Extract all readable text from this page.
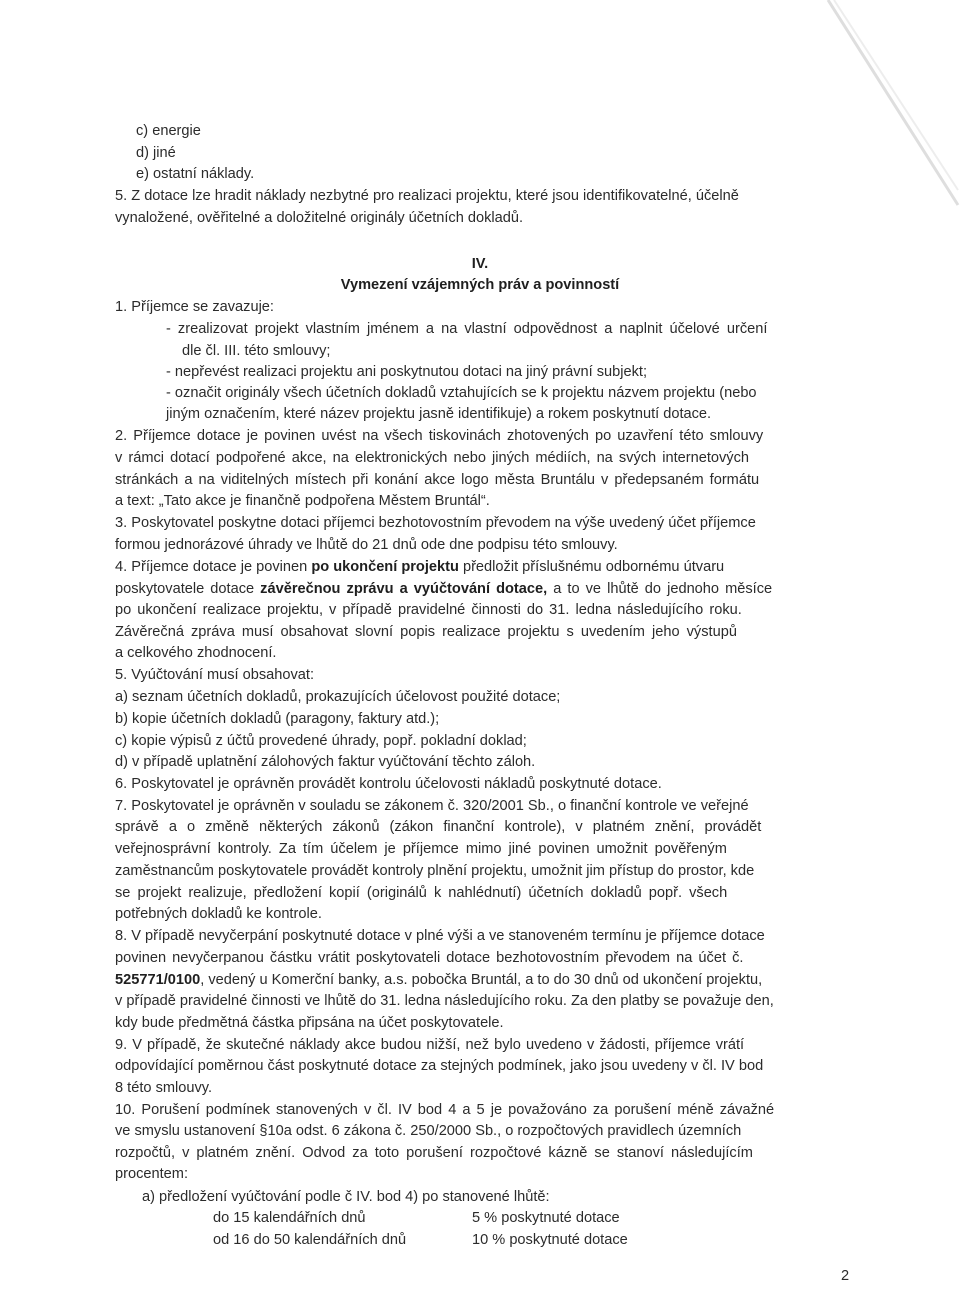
c) energie
d) jiné
e) ostatní náklady.
5. Z dotace lze hradit náklady nezbytné pro realizaci projektu, které jsou identifikovatelné, účelně
vynaložené, ověřitelné a doložitelné originály účetních dokladů.
IV.
Vymezení vzájemných práv a povinností
1. Příjemce se zavazuje:
- zrealizovat projekt vlastním jménem a na vlastní odpovědnost a naplnit účelové určení
dle čl. III. této smlouvy;
- nepřevést realizaci projektu ani poskytnutou dotaci na jiný právní subjekt;
- označit originály všech účetních dokladů vztahujících se k projektu názvem projektu (nebo
jiným označením, které název projektu jasně identifikuje) a rokem poskytnutí dotace.
2. Příjemce dotace je povinen uvést na všech tiskovinách zhotovených po uzavření této smlouvy
v rámci dotací podpořené akce, na elektronických nebo jiných médiích, na svých internetových
stránkách a na viditelných místech při konání akce logo města Bruntálu v předepsaném formátu
a text: „Tato akce je finančně podpořena Městem Bruntál“.
3. Poskytovatel poskytne dotaci příjemci bezhotovostním převodem na výše uvedený účet příjemce
formou jednorázové úhrady ve lhůtě do 21 dnů ode dne podpisu této smlouvy.
4. Příjemce dotace je povinen po ukončení projektu předložit příslušnému odbornému útvaru
poskytovatele dotace závěrečnou zprávu a vyúčtování dotace, a to ve lhůtě do jednoho měsíce
po ukončení realizace projektu, v případě pravidelné činnosti do 31. ledna následujícího roku.
Závěrečná zpráva musí obsahovat slovní popis realizace projektu s uvedením jeho výstupů
a celkového zhodnocení.
5. Vyúčtování musí obsahovat:
a) seznam účetních dokladů, prokazujících účelovost použité dotace;
b) kopie účetních dokladů (paragony, faktury atd.);
c) kopie výpisů z účtů provedené úhrady, popř. pokladní doklad;
d) v případě uplatnění zálohových faktur vyúčtování těchto záloh.
6. Poskytovatel je oprávněn provádět kontrolu účelovosti nákladů poskytnuté dotace.
7. Poskytovatel je oprávněn v souladu se zákonem č. 320/2001 Sb., o finanční kontrole ve veřejné
správě a o změně některých zákonů (zákon finanční kontrole), v platném znění, provádět
veřejnosprávní kontroly. Za tím účelem je příjemce mimo jiné povinen umožnit pověřeným
zaměstnancům poskytovatele provádět kontroly plnění projektu, umožnit jim přístup do prostor, kde
se projekt realizuje, předložení kopií (originálů k nahlédnutí) účetních dokladů popř. všech
potřebných dokladů ke kontrole.
8. V případě nevyčerpání poskytnuté dotace v plné výši a ve stanoveném termínu je příjemce dotace
povinen nevyčerpanou částku vrátit poskytovateli dotace bezhotovostním převodem na účet č.
525771/0100, vedený u Komerční banky, a.s. pobočka Bruntál, a to do 30 dnů od ukončení projektu,
v případě pravidelné činnosti ve lhůtě do 31. ledna následujícího roku. Za den platby se považuje den,
kdy bude předmětná částka připsána na účet poskytovatele.
9. V případě, že skutečné náklady akce budou nižší, než bylo uvedeno v žádosti, příjemce vrátí
odpovídající poměrnou část poskytnuté dotace za stejných podmínek, jako jsou uvedeny v čl. IV bod
8 této smlouvy.
10. Porušení podmínek stanovených v čl. IV bod 4 a 5 je považováno za porušení méně závažné
ve smyslu ustanovení §10a odst. 6 zákona č. 250/2000 Sb., o rozpočtových pravidlech územních
rozpočtů, v platném znění. Odvod za toto porušení rozpočtové kázně se stanoví následujícím
procentem:
a) předložení vyúčtování podle č IV. bod 4) po stanovené lhůtě:
do 15 kalendářních dnů	5 % poskytnuté dotace
od 16 do 50 kalendářních dnů	10 % poskytnuté dotace
2
